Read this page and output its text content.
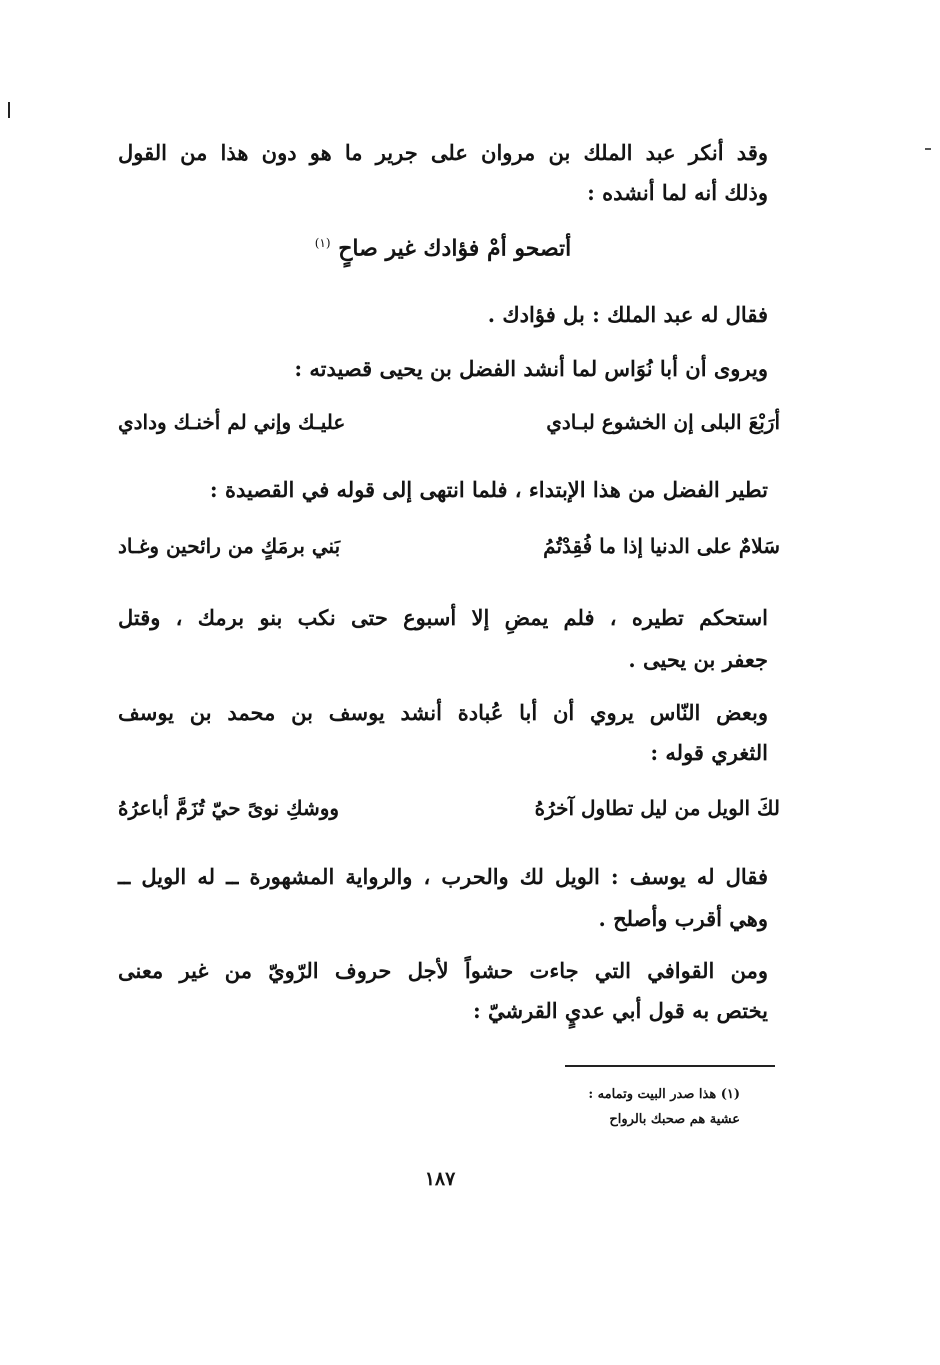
وقد أنكر عبد الملك بن مروان على جرير ما هو دون هذا من القول
وذلك أنه لما أنشده :
أتصحو أمْ فؤادك غير صاحٍ $^{(١)}$
فقال له عبد الملك : بل فؤادك .
ويروى أن أبا نُوَاس لما أنشد الفضل بن يحيى قصيدته :
أرَبْعَ البلى إن الخشوع لبـادي
عليـك وإني لم أخنـك ودادي
تطير الفضل من هذا الإبتداء ، فلما انتهى إلى قوله في القصيدة :
سَلامٌ على الدنيا إذا ما فُقِدْتُمُ
بَني برمَكٍ من رائحين وغـاد
استحكم تطيره ، فلم يمضِ إلا أسبوع حتى نكب بنو برمك ، وقتل
جعفر بن يحيى .
وبعض النّاس يروي أن أبا عُبادة أنشد يوسف بن محمد بن يوسف
الثغري قوله :
لكَ الويل من ليل تطاول آخرُهُ
ووشكِ نوىً حيّ تُزَمَّ أباعرُهُ
فقال له يوسف : الويل لك والحرب ، والرواية المشهورة ــ له الويل ــ
وهي أقرب وأصلح .
ومن القوافي التي جاءت حشواً لأجل حروف الرّويّ من غير معنى
يختص به قول أبي عديٍ القرشيّ :
(١) هذا صدر البيت وتمامه :
عشية هم صحبك بالرواح
١٨٧
